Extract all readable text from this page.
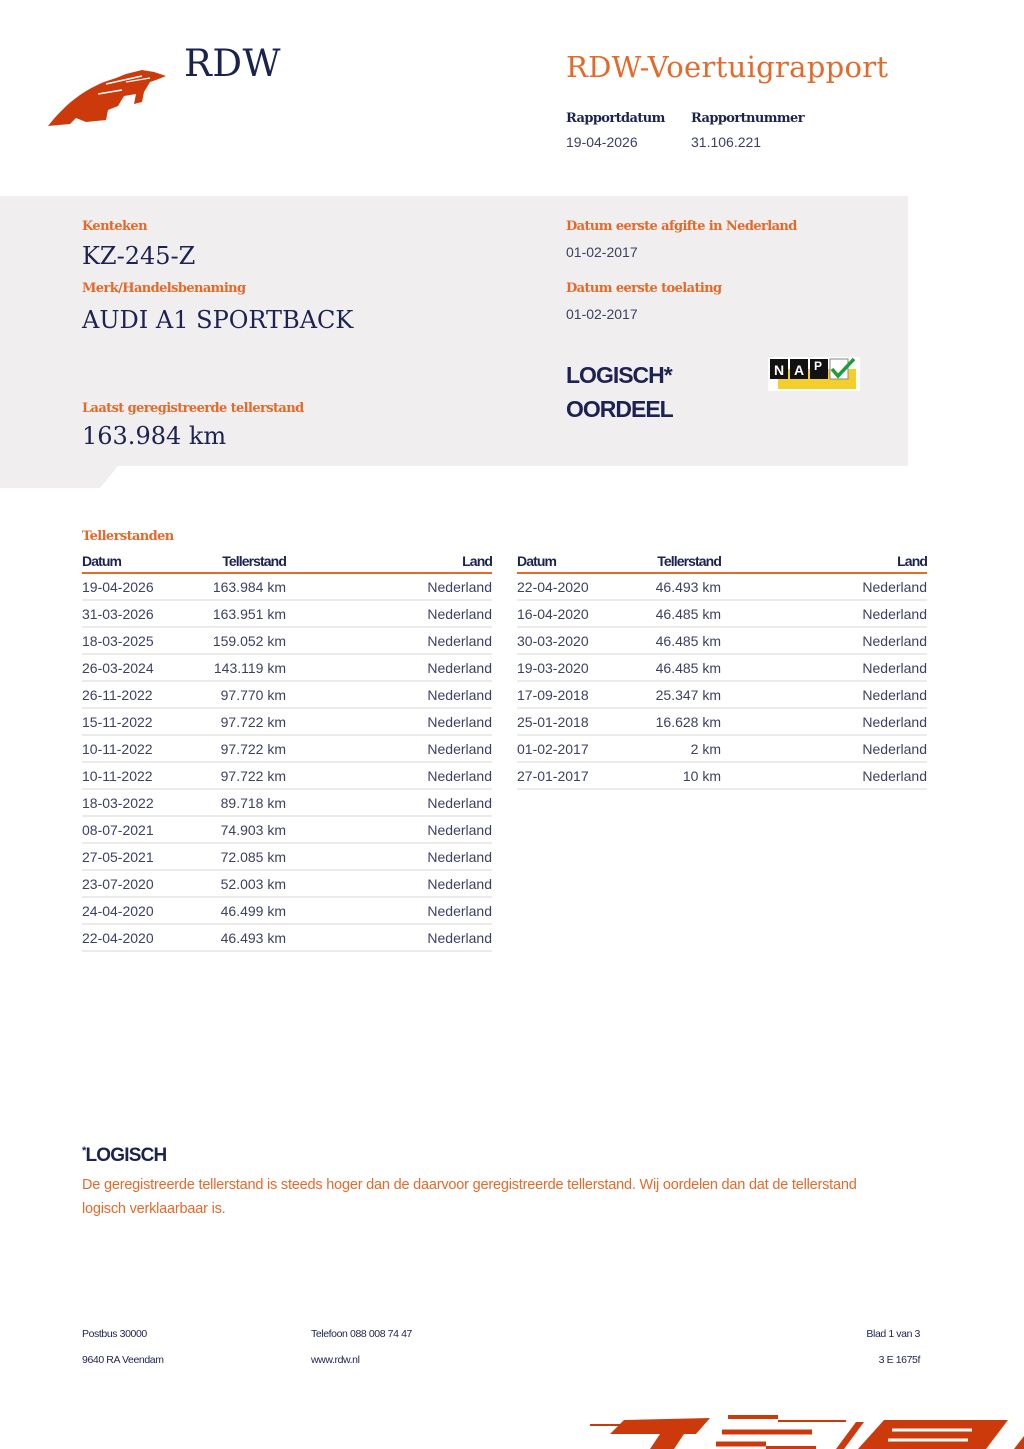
RDW	RDW-Voertuigrapport
Rapportdatum
19-04-2026
Rapportnummer
31.106.221
Kenteken
KZ-245-Z
Merk/Handelsbenaming
AUDI A1 SPORTBACK
Laatst geregistreerde tellerstand
163.984 km
Datum eerste afgifte in Nederland
01-02-2017
Datum eerste toelating
01-02-2017
LOGISCH*
OORDEEL
N A P
Tellerstanden
Datum	Tellerstand	Land
19-04-2026	163.984 km	Nederland
31-03-2026	163.951 km	Nederland
18-03-2025	159.052 km	Nederland
26-03-2024	143.119 km	Nederland
26-11-2022	97.770 km	Nederland
15-11-2022	97.722 km	Nederland
10-11-2022	97.722 km	Nederland
10-11-2022	97.722 km	Nederland
18-03-2022	89.718 km	Nederland
08-07-2021	74.903 km	Nederland
27-05-2021	72.085 km	Nederland
23-07-2020	52.003 km	Nederland
24-04-2020	46.499 km	Nederland
22-04-2020	46.493 km	Nederland
Datum	Tellerstand	Land
22-04-2020	46.493 km	Nederland
16-04-2020	46.485 km	Nederland
30-03-2020	46.485 km	Nederland
19-03-2020	46.485 km	Nederland
17-09-2018	25.347 km	Nederland
25-01-2018	16.628 km	Nederland
01-02-2017	2 km	Nederland
27-01-2017	10 km	Nederland
*LOGISCH
De geregistreerde tellerstand is steeds hoger dan de daarvoor geregistreerde tellerstand. Wij oordelen dan dat de tellerstand logisch verklaarbaar is.
Postbus 30000
9640 RA Veendam
Telefoon 088 008 74 47
www.rdw.nl
Blad 1 van 3
3 E 1675f
